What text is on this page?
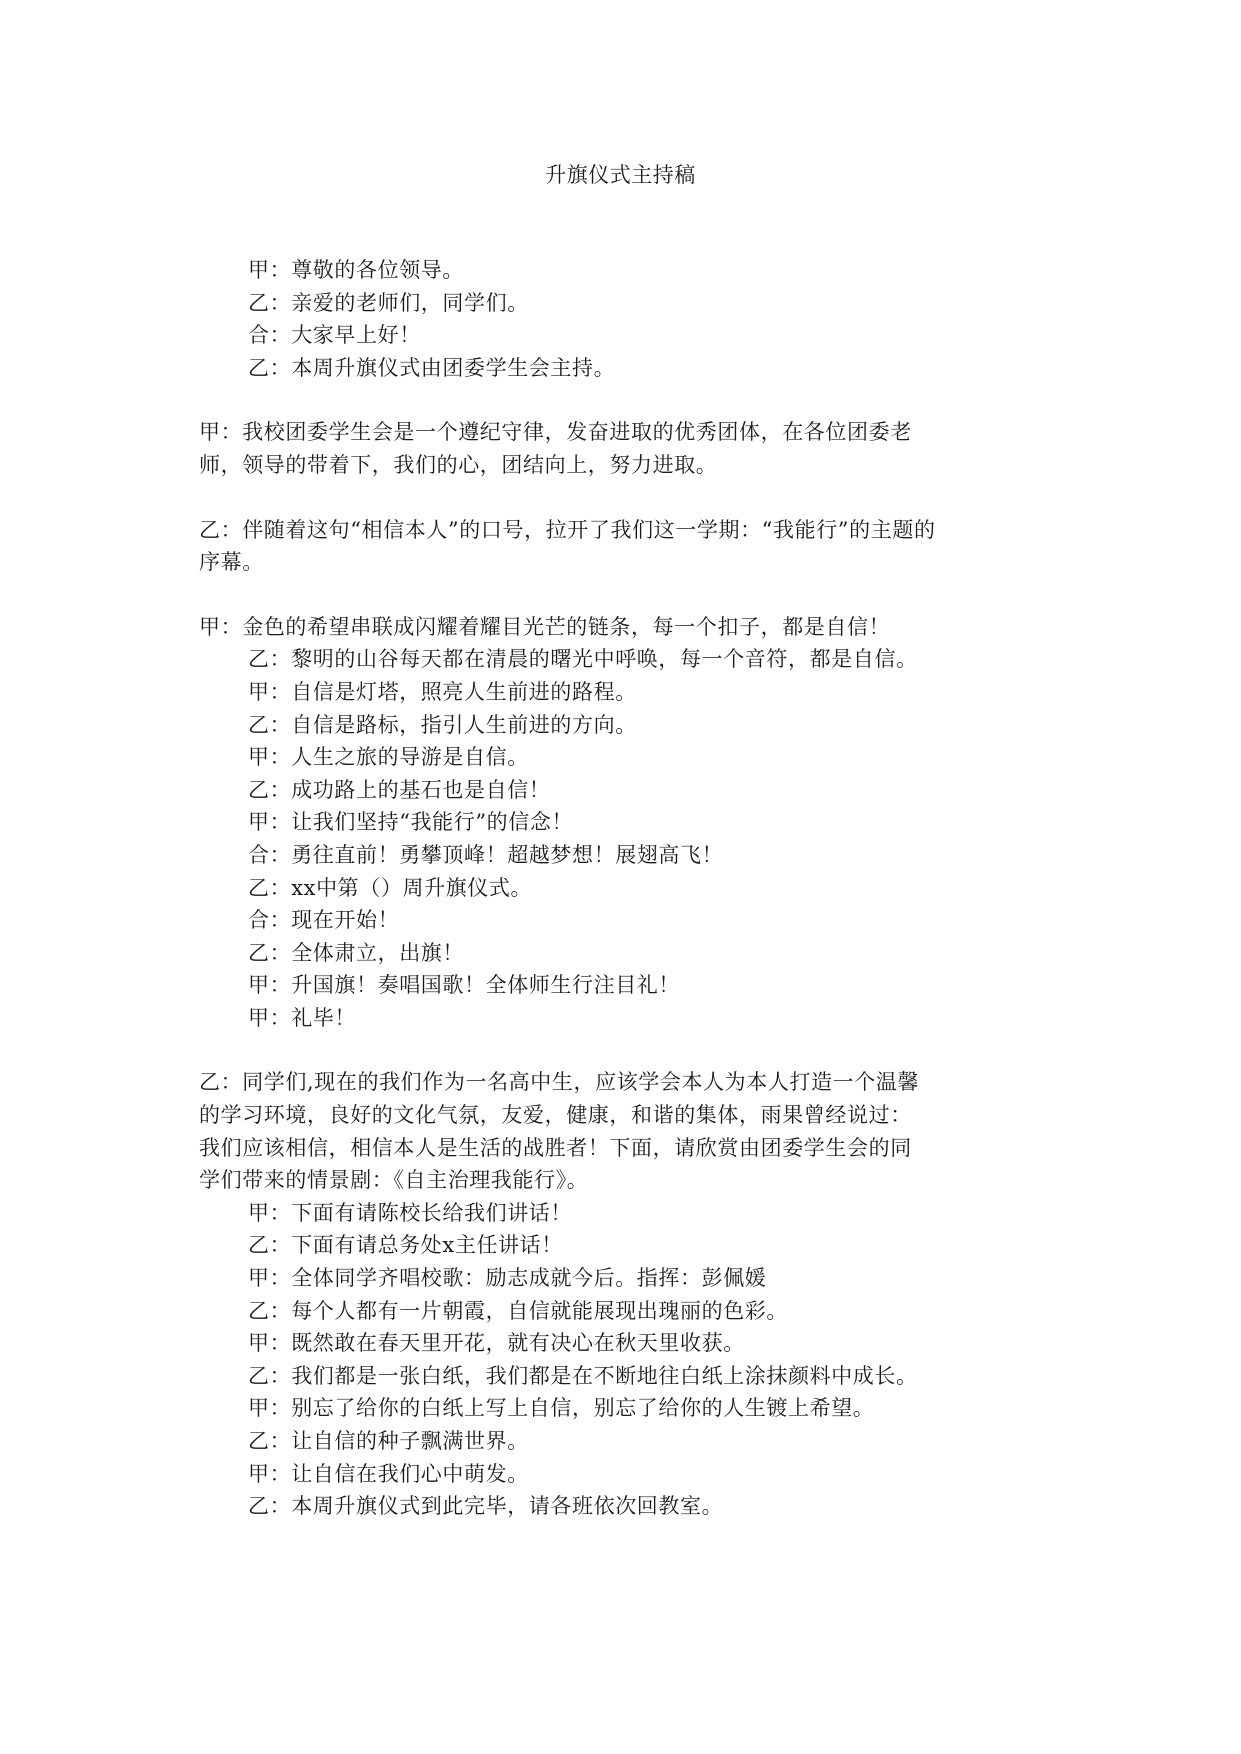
升旗仪式主持稿
甲：尊敬的各位领导。
乙：亲爱的老师们，同学们。
合：大家早上好！
乙：本周升旗仪式由团委学生会主持。
甲：我校团委学生会是一个遵纪守律，发奋进取的优秀团体，在各位团委老
师，领导的带着下，我们的心，团结向上，努力进取。
乙：伴随着这句“相信本人”的口号，拉开了我们这一学期：“我能行”的主题的
序幕。
甲：金色的希望串联成闪耀着耀目光芒的链条，每一个扣子，都是自信！
乙：黎明的山谷每天都在清晨的曙光中呼唤，每一个音符，都是自信。
甲：自信是灯塔，照亮人生前进的路程。
乙：自信是路标，指引人生前进的方向。
甲：人生之旅的导游是自信。
乙：成功路上的基石也是自信！
甲：让我们坚持“我能行”的信念！
合：勇往直前！勇攀顶峰！超越梦想！展翅高飞！
乙：xx中第（）周升旗仪式。
合：现在开始！
乙：全体肃立，出旗！
甲：升国旗！奏唱国歌！全体师生行注目礼！
甲：礼毕！
乙：同学们,现在的我们作为一名高中生，应该学会本人为本人打造一个温馨
的学习环境，良好的文化气氛，友爱，健康，和谐的集体，雨果曾经说过：
我们应该相信，相信本人是生活的战胜者！下面，请欣赏由团委学生会的同
学们带来的情景剧：《自主治理我能行》。
甲：下面有请陈校长给我们讲话！
乙：下面有请总务处x主任讲话！
甲：全体同学齐唱校歌：励志成就今后。指挥：彭佩媛
乙：每个人都有一片朝霞，自信就能展现出瑰丽的色彩。
甲：既然敢在春天里开花，就有决心在秋天里收获。
乙：我们都是一张白纸，我们都是在不断地往白纸上涂抹颜料中成长。
甲：别忘了给你的白纸上写上自信，别忘了给你的人生镀上希望。
乙：让自信的种子飘满世界。
甲：让自信在我们心中萌发。
乙：本周升旗仪式到此完毕，请各班依次回教室。
